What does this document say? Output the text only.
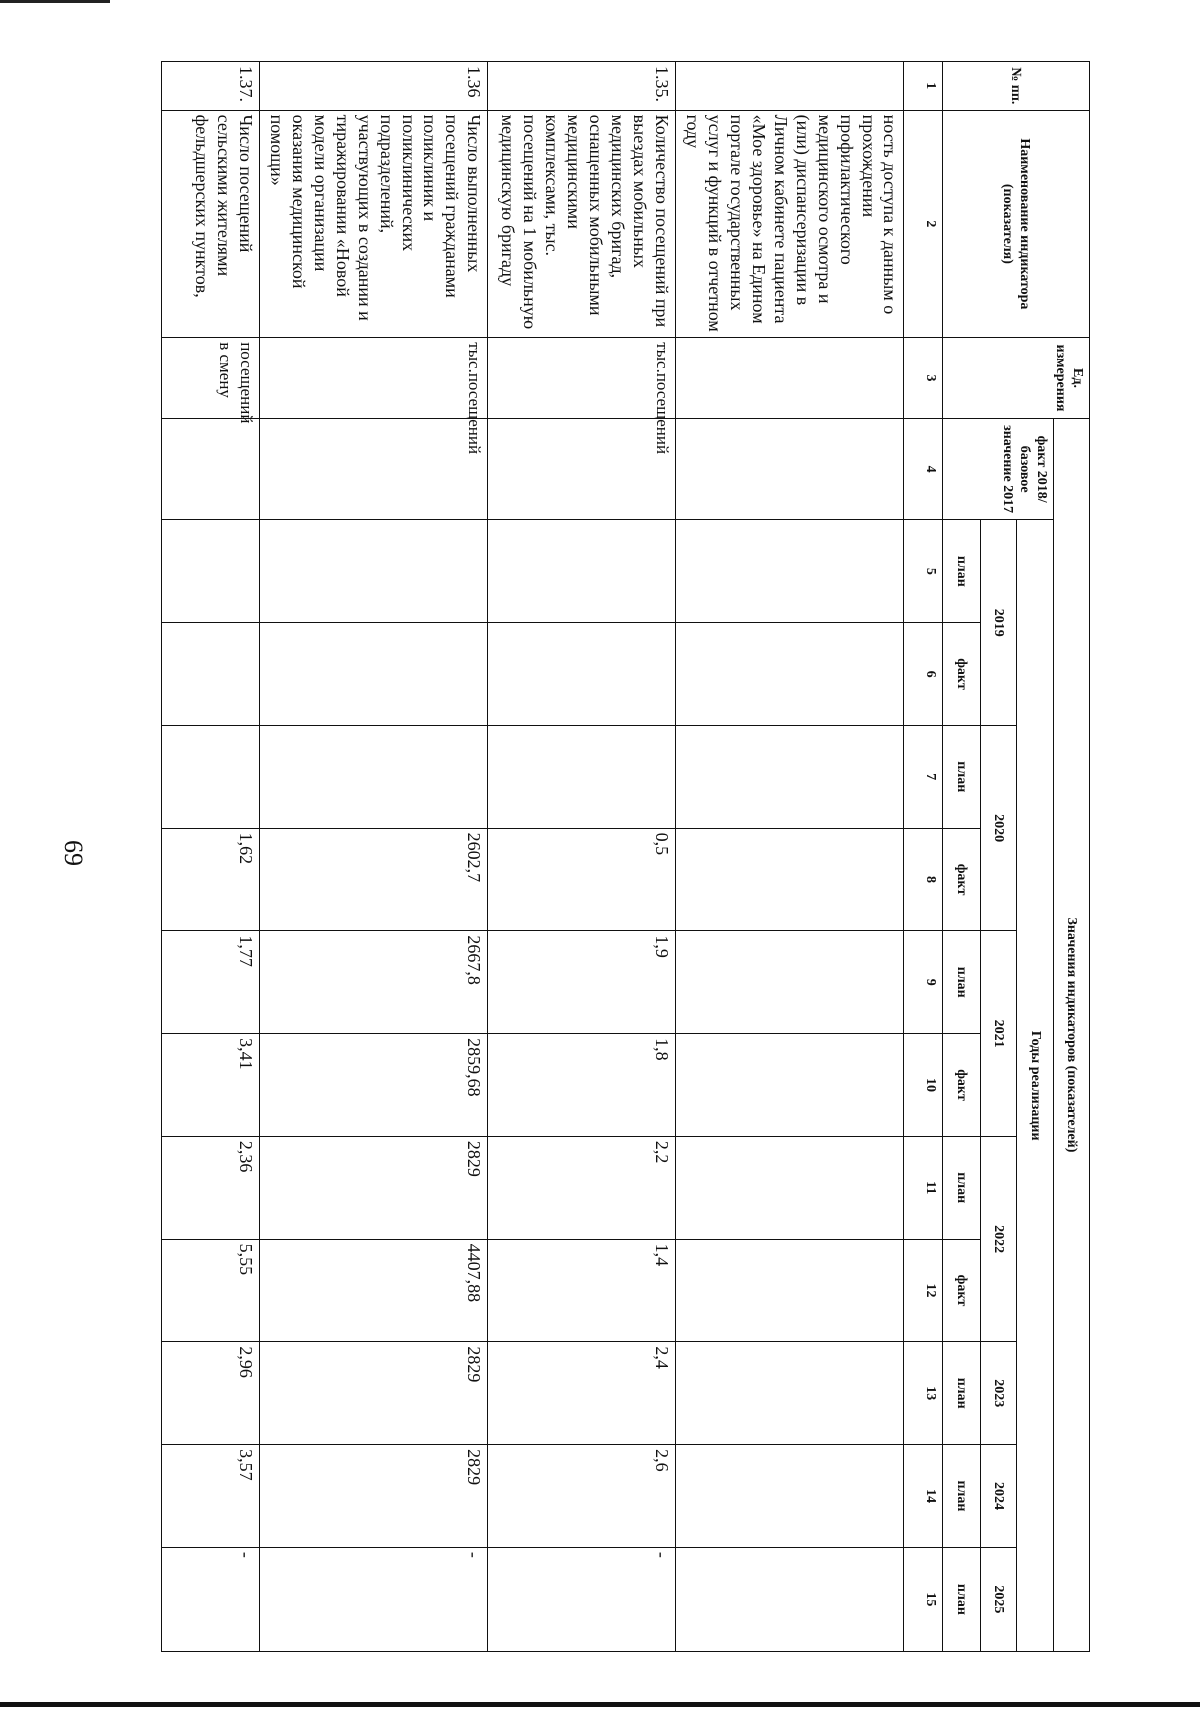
69
№ пп.	Наименование индикатора (показателя)	Ед. измерения	Значения индикаторов (показателей)											
			факт 2018/базовое значение 2017	Годы реализации										
				2019		2020		2021		2022		2023	2024	2025
				план	факт	план	факт	план	факт	план	факт	план	план	план
1	2	3	4	5	6	7	8	9	10	11	12	13	14	15
	ность доступа к данным о прохождении профилактического медицинского осмотра и (или) диспансеризации в Личном кабинете пациента «Мое здоровье» на Едином портале государственных услуг и функций в отчетном году													
1.35.	Количество посещений при выездах мобильных медицинских бригад, оснащенных мобильными медицинскими комплексами, тыс. посещений на 1 мобильную медицинскую бригаду	тыс.посещений					0,5	1,9	1,8	2,2	1,4	2,4	2,6	-
1.36	Число выполненных посещений гражданами поликлиник и поликлинических подразделений, участвующих в создании и тиражировании «Новой модели организации оказания медицинской помощи»	тыс.посещений					2602,7	2667,8	2859,68	2829	4407,88	2829	2829	-
1.37.	Число посещений сельскими жителями фельдшерских пунктов,	посещений в смену					1,62	1,77	3,41	2,36	5,55	2,96	3,57	-
